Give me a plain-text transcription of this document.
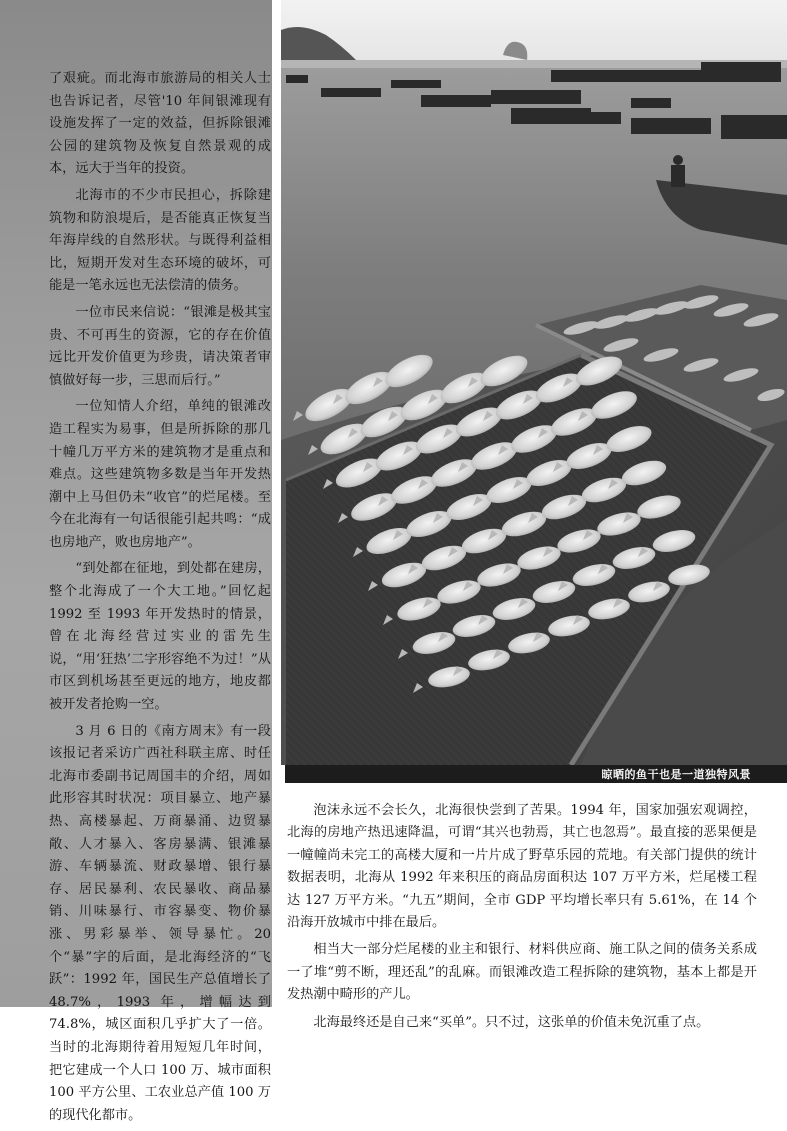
了艰疵。而北海市旅游局的相关人士也告诉记者，尽管'10 年间银滩现有设施发挥了一定的效益，但拆除银滩公园的建筑物及恢复自然景观的成本，远大于当年的投资。

北海市的不少市民担心，拆除建筑物和防浪堤后，是否能真正恢复当年海岸线的自然形状。与既得利益相比，短期开发对生态环境的破坏，可能是一笔永远也无法偿清的债务。

一位市民来信说：“银滩是极其宝贵、不可再生的资源，它的存在价值远比开发价值更为珍贵，请决策者审慎做好每一步，三思而后行。”

一位知情人介绍，单纯的银滩改造工程实为易事，但是所拆除的那几十幢几万平方米的建筑物才是重点和难点。这些建筑物多数是当年开发热潮中上马但仍未“收官”的烂尾楼。至今在北海有一句话很能引起共鸣：“成也房地产，败也房地产”。

“到处都在征地，到处都在建房，整个北海成了一个大工地。”回忆起 1992 至 1993 年开发热时的情景，曾在北海经营过实业的雷先生说，“用‘狂热’二字形容绝不为过！”从市区到机场甚至更远的地方，地皮都被开发者抢购一空。

3 月 6 日的《南方周末》有一段该报记者采访广西社科联主席、时任北海市委副书记周国丰的介绍，周如此形容其时状况：项目暴立、地产暴热、高楼暴起、万商暴涌、边贸暴敞、人才暴入、客房暴满、银滩暴游、车辆暴流、财政暴增、银行暴存、居民暴利、农民暴收、商品暴销、川味暴行、市容暴变、物价暴涨、男彩暴举、领导暴忙。20 个“暴”字的后面，是北海经济的“飞跃”：1992 年，国民生产总值增长了 48.7%，1993 年，增幅达到 74.8%，城区面积几乎扩大了一倍。当时的北海期待着用短短几年时间，把它建成一个人口 100 万、城市面积 100 平方公里、工农业总产值 100 万的现代化都市。

晾晒的鱼干也是一道独特风景

泡沫永远不会长久，北海很快尝到了苦果。1994 年，国家加强宏观调控，北海的房地产热迅速降温，可谓“其兴也勃焉，其亡也忽焉”。最直接的恶果便是一幢幢尚未完工的高楼大厦和一片片成了野草乐园的荒地。有关部门提供的统计数据表明，北海从 1992 年来积压的商品房面积达 107 万平方米，烂尾楼工程达 127 万平方米。“九五”期间，全市 GDP 平均增长率只有 5.61%，在 14 个沿海开放城市中排在最后。

相当大一部分烂尾楼的业主和银行、材料供应商、施工队之间的债务关系成一了堆“剪不断，理还乱”的乱麻。而银滩改造工程拆除的建筑物，基本上都是开发热潮中畸形的产儿。

北海最终还是自己来“买单”。只不过，这张单的价值未免沉重了点。
